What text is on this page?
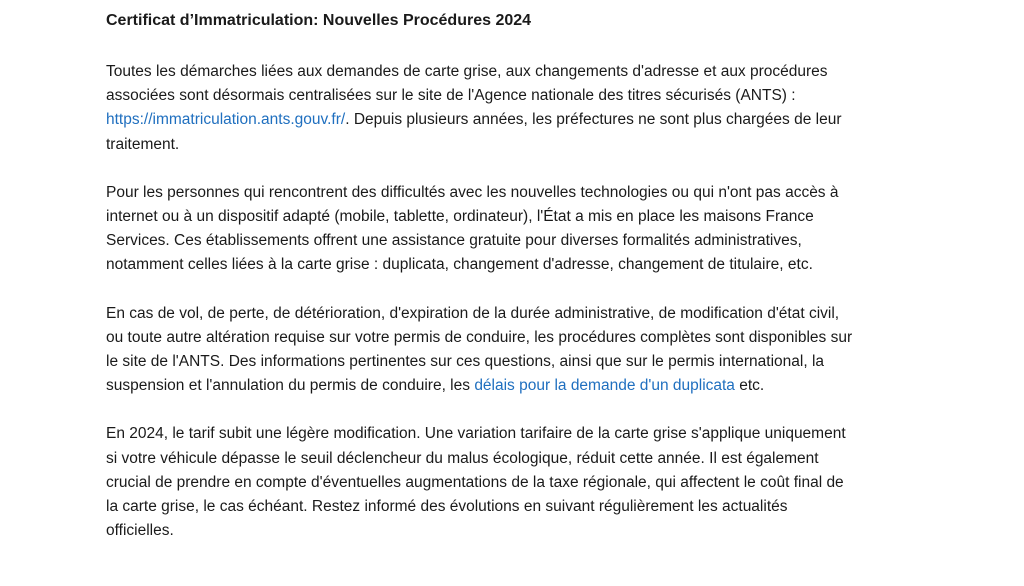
Certificat d’Immatriculation: Nouvelles Procédures 2024
Toutes les démarches liées aux demandes de carte grise, aux changements d'adresse et aux procédures
associées sont désormais centralisées sur le site de l'Agence nationale des titres sécurisés (ANTS) :
https://immatriculation.ants.gouv.fr/. Depuis plusieurs années, les préfectures ne sont plus chargées de leur
traitement.
Pour les personnes qui rencontrent des difficultés avec les nouvelles technologies ou qui n'ont pas accès à
internet ou à un dispositif adapté (mobile, tablette, ordinateur), l'État a mis en place les maisons France
Services. Ces établissements offrent une assistance gratuite pour diverses formalités administratives,
notamment celles liées à la carte grise : duplicata, changement d'adresse, changement de titulaire, etc.
En cas de vol, de perte, de détérioration, d'expiration de la durée administrative, de modification d'état civil,
ou toute autre altération requise sur votre permis de conduire, les procédures complètes sont disponibles sur
le site de l'ANTS. Des informations pertinentes sur ces questions, ainsi que sur le permis international, la
suspension et l'annulation du permis de conduire, les délais pour la demande d'un duplicata etc.
En 2024, le tarif subit une légère modification. Une variation tarifaire de la carte grise s'applique uniquement
si votre véhicule dépasse le seuil déclencheur du malus écologique, réduit cette année. Il est également
crucial de prendre en compte d'éventuelles augmentations de la taxe régionale, qui affectent le coût final de
la carte grise, le cas échéant. Restez informé des évolutions en suivant régulièrement les actualités
officielles.
